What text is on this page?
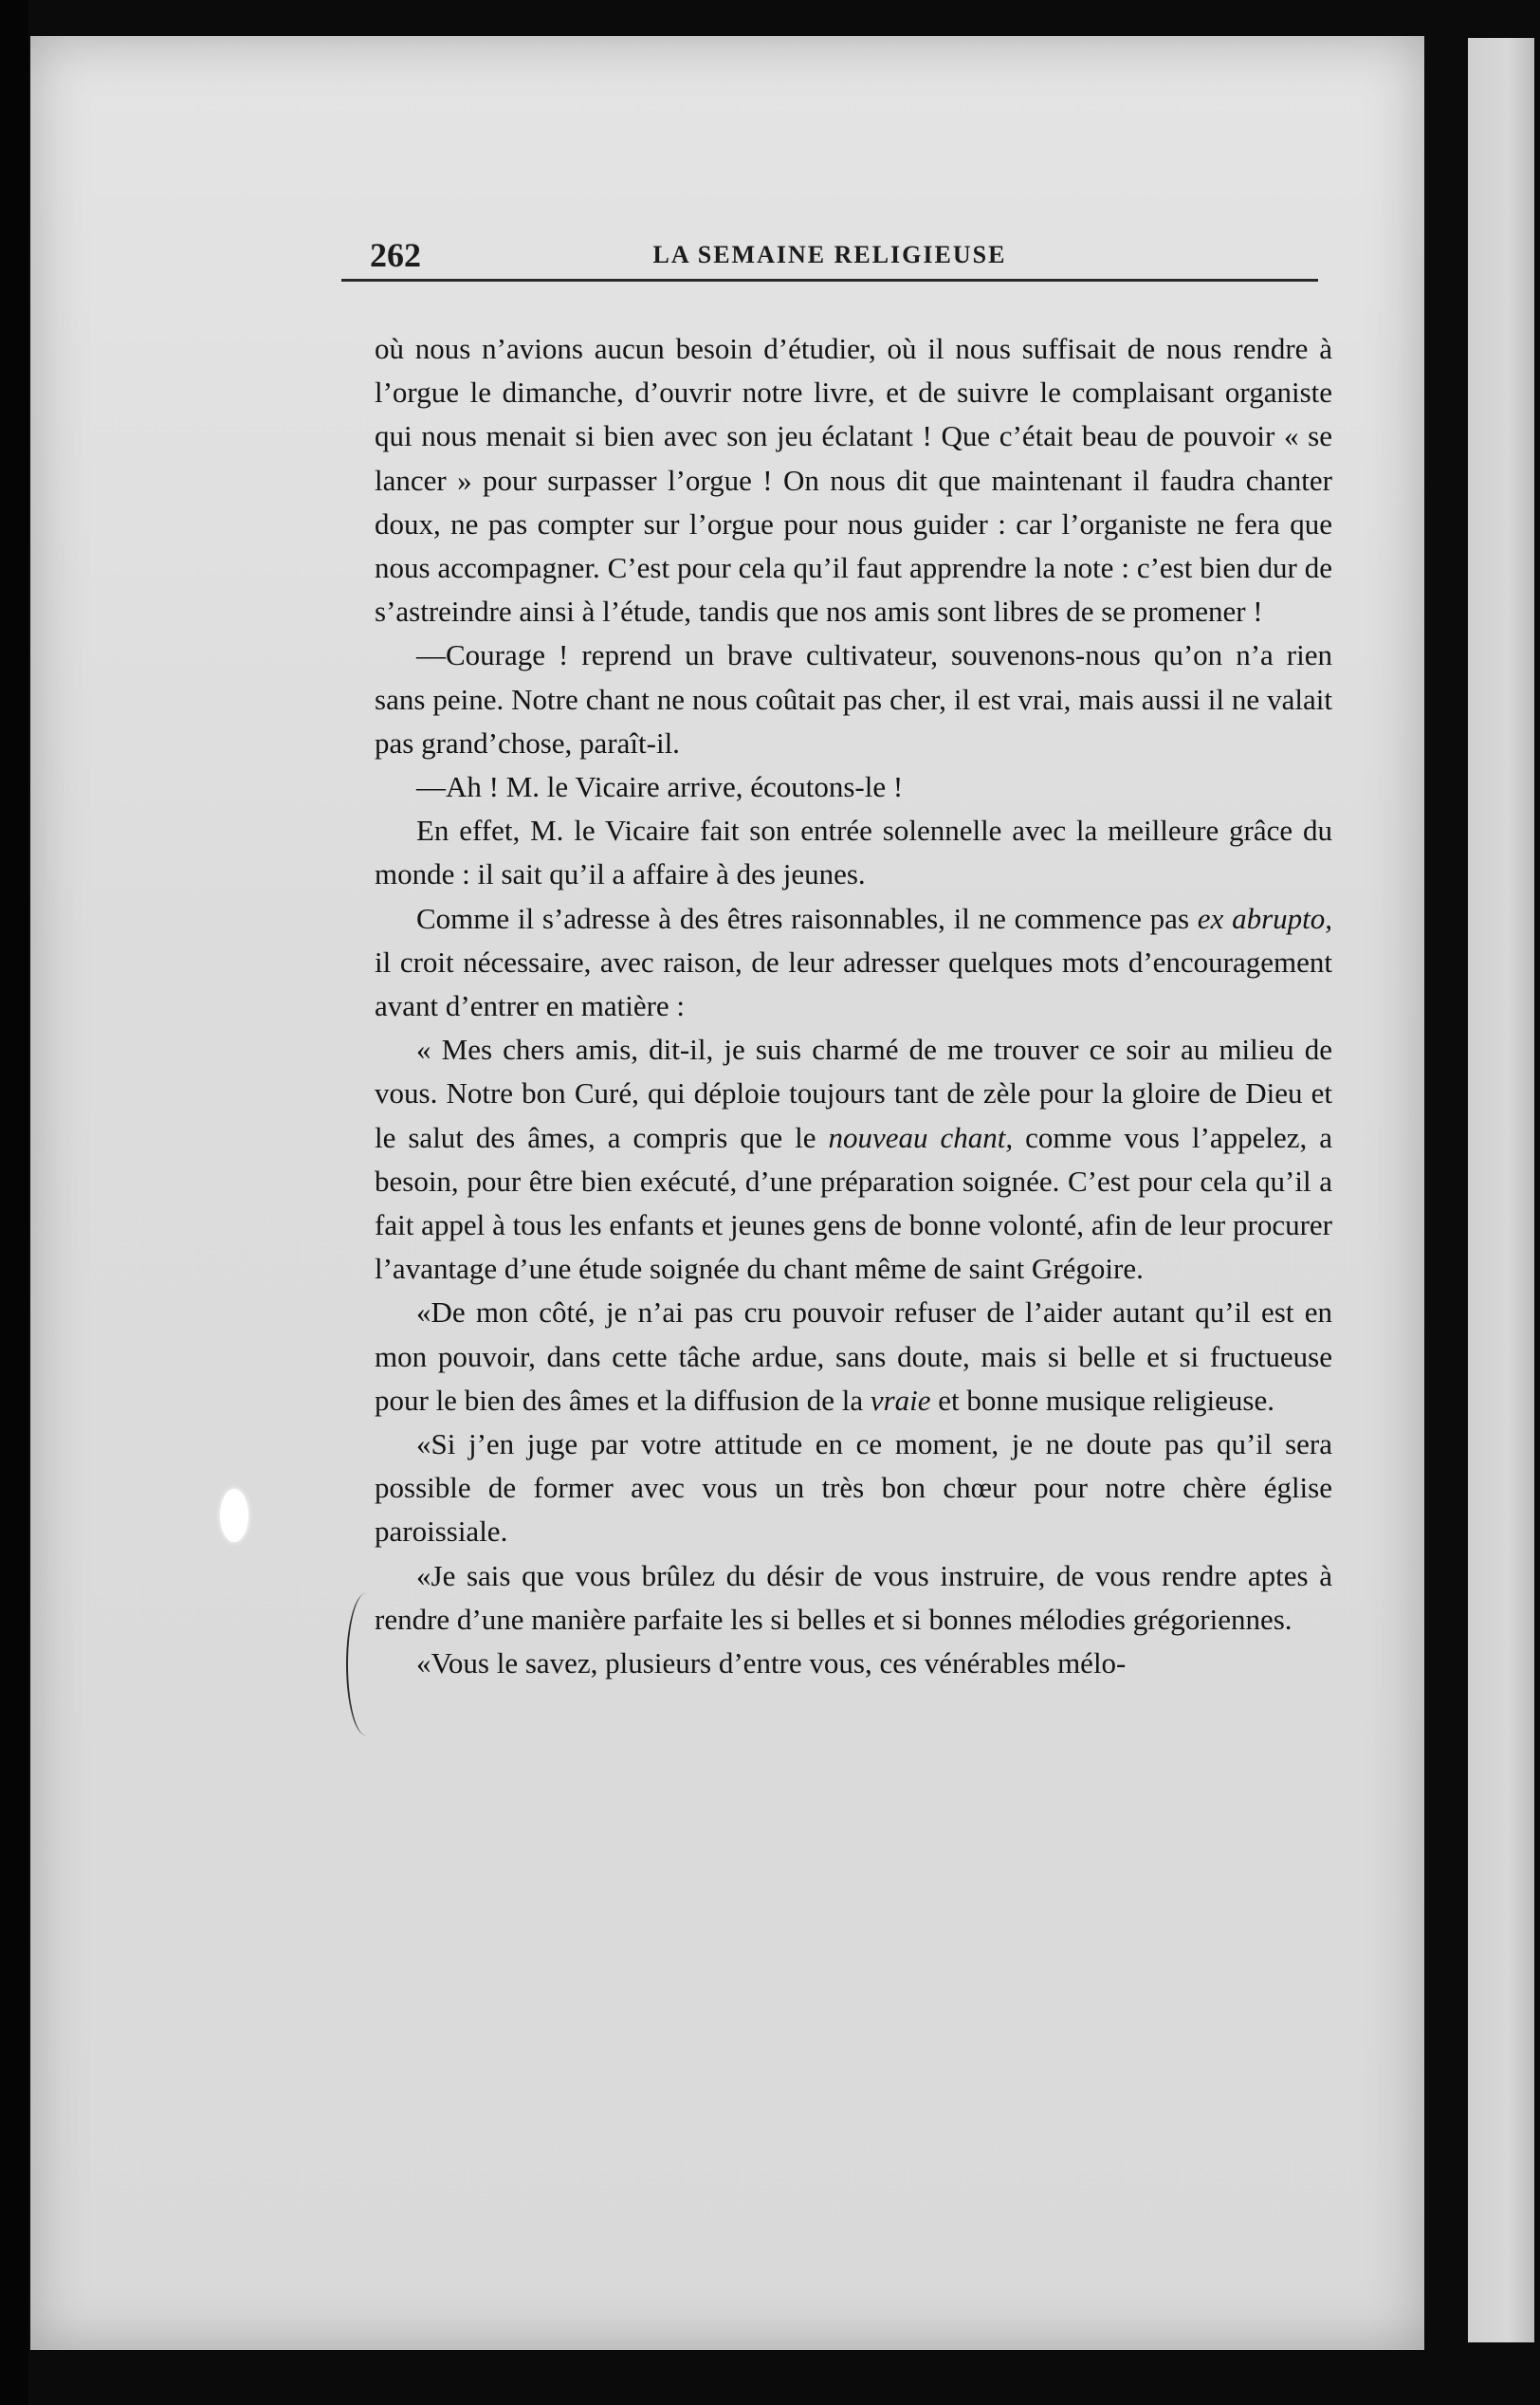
262	LA SEMAINE RELIGIEUSE

où nous n’avions aucun besoin d’étudier, où il nous suffisait de nous rendre à l’orgue le dimanche, d’ouvrir notre livre, et de suivre le complaisant organiste qui nous menait si bien avec son jeu éclatant ! Que c’était beau de pouvoir « se lancer » pour surpasser l’orgue ! On nous dit que maintenant il faudra chanter doux, ne pas compter sur l’orgue pour nous guider : car l’organiste ne fera que nous accompagner. C’est pour cela qu’il faut apprendre la note : c’est bien dur de s’astreindre ainsi à l’étude, tandis que nos amis sont libres de se promener !

—Courage ! reprend un brave cultivateur, souvenons-nous qu’on n’a rien sans peine. Notre chant ne nous coûtait pas cher, il est vrai, mais aussi il ne valait pas grand’chose, paraît-il.

—Ah ! M. le Vicaire arrive, écoutons-le !

En effet, M. le Vicaire fait son entrée solennelle avec la meilleure grâce du monde : il sait qu’il a affaire à des jeunes.

Comme il s’adresse à des êtres raisonnables, il ne commence pas ex abrupto, il croit nécessaire, avec raison, de leur adresser quelques mots d’encouragement avant d’entrer en matière :

« Mes chers amis, dit-il, je suis charmé de me trouver ce soir au milieu de vous. Notre bon Curé, qui déploie toujours tant de zèle pour la gloire de Dieu et le salut des âmes, a compris que le nouveau chant, comme vous l’appelez, a besoin, pour être bien exécuté, d’une préparation soignée. C’est pour cela qu’il a fait appel à tous les enfants et jeunes gens de bonne volonté, afin de leur procurer l’avantage d’une étude soignée du chant même de saint Grégoire.

«De mon côté, je n’ai pas cru pouvoir refuser de l’aider autant qu’il est en mon pouvoir, dans cette tâche ardue, sans doute, mais si belle et si fructueuse pour le bien des âmes et la diffusion de la vraie et bonne musique religieuse.

«Si j’en juge par votre attitude en ce moment, je ne doute pas qu’il sera possible de former avec vous un très bon chœur pour notre chère église paroissiale.

«Je sais que vous brûlez du désir de vous instruire, de vous rendre aptes à rendre d’une manière parfaite les si belles et si bonnes mélodies grégoriennes.

«Vous le savez, plusieurs d’entre vous, ces vénérables mélo-
